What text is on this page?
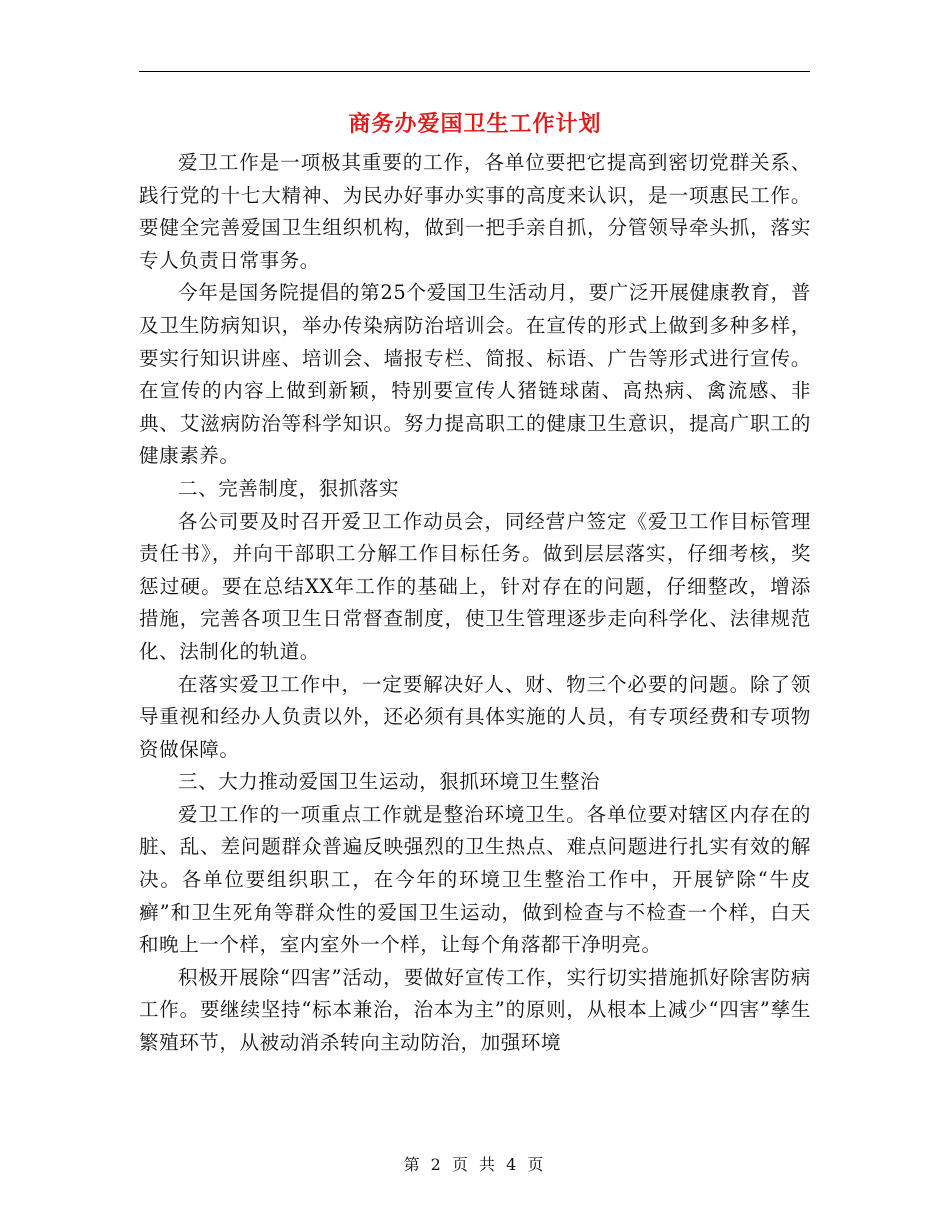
商务办爱国卫生工作计划

爱卫工作是一项极其重要的工作，各单位要把它提高到密切党群关系、践行党的十七大精神、为民办好事办实事的高度来认识，是一项惠民工作。要健全完善爱国卫生组织机构，做到一把手亲自抓，分管领导牵头抓，落实专人负责日常事务。

今年是国务院提倡的第25个爱国卫生活动月，要广泛开展健康教育，普及卫生防病知识，举办传染病防治培训会。在宣传的形式上做到多种多样，要实行知识讲座、培训会、墙报专栏、简报、标语、广告等形式进行宣传。在宣传的内容上做到新颖，特别要宣传人猪链球菌、高热病、禽流感、非典、艾滋病防治等科学知识。努力提高职工的健康卫生意识，提高广职工的健康素养。

二、完善制度，狠抓落实

各公司要及时召开爱卫工作动员会，同经营户签定《爱卫工作目标管理责任书》，并向干部职工分解工作目标任务。做到层层落实，仔细考核，奖惩过硬。要在总结XX年工作的基础上，针对存在的问题，仔细整改，增添措施，完善各项卫生日常督查制度，使卫生管理逐步走向科学化、法律规范化、法制化的轨道。

在落实爱卫工作中，一定要解决好人、财、物三个必要的问题。除了领导重视和经办人负责以外，还必须有具体实施的人员，有专项经费和专项物资做保障。

三、大力推动爱国卫生运动，狠抓环境卫生整治

爱卫工作的一项重点工作就是整治环境卫生。各单位要对辖区内存在的脏、乱、差问题群众普遍反映强烈的卫生热点、难点问题进行扎实有效的解决。各单位要组织职工，在今年的环境卫生整治工作中，开展铲除“牛皮癣”和卫生死角等群众性的爱国卫生运动，做到检查与不检查一个样，白天和晚上一个样，室内室外一个样，让每个角落都干净明亮。

积极开展除“四害”活动，要做好宣传工作，实行切实措施抓好除害防病工作。要继续坚持“标本兼治，治本为主”的原则，从根本上减少“四害”孳生繁殖环节，从被动消杀转向主动防治，加强环境

第 2 页 共 4 页
